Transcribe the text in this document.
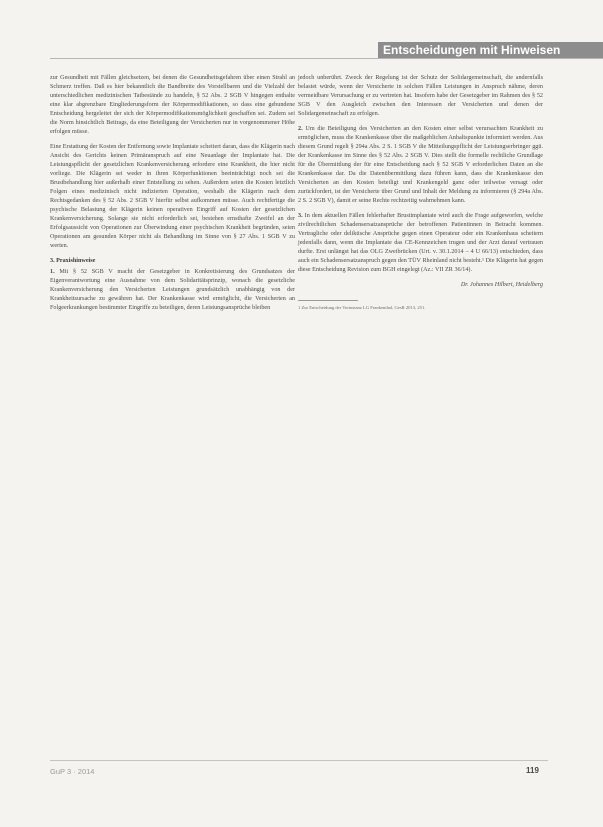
Entscheidungen mit Hinweisen

zur Gesundheit mit Fällen gleichsetzen, bei denen die Gesundheitsgefahren über einen Strahl an Schmerz treffen. Daß es hier bekanntlich die Bandbreite des Vorstellbaren und die Vielzahl der unterschiedlichen medizinischen Tatbestände zu handeln, § 52 Abs. 2 SGB V hingegen enthalte eine klar abgrenzbare Eingliederungsform der Körpermodifikationen, so dass eine gebundene Entscheidung hergeleitet der sich der Körpermodifikationsmöglichkeit geschaffen sei. Zudem sei die Norm hinsichtlich Beitrags, da eine Beteiligung der Versicherten nur in vorgenommener Höhe erfolgen müsse.

Eine Erstattung der Kosten der Entfernung sowie Implantate scheitert daran, dass die Klägerin nach Ansicht des Gerichts keinen Primäranspruch auf eine Neuanlage der Implantate hat. Die Leistungspflicht der gesetzlichen Krankenversicherung erfordere eine Krankheit, die hier nicht vorliege. Die Klägerin sei weder in ihren Körperfunktionen beeinträchtigt noch sei die Brustbehandlung hier außerhalb einer Entstellung zu sehen. Außerdem seien die Kosten letztlich Folgen eines medizinisch nicht indizierten Operation, weshalb die Klägerin nach dem Rechtsgedanken des § 52 Abs. 2 SGB V hierfür selbst aufkommen müsse. Auch rechtfertige die psychische Belastung der Klägerin keinen operativen Eingriff auf Kosten der gesetzlichen Krankenversicherung. Solange sie nicht erforderlich sei, bestehen ernsthafte Zweifel an der Erfolgsaussicht von Operationen zur Überwindung einer psychischen Krankheit begründen, seien Operationen am gesunden Körper nicht als Behandlung im Sinne von § 27 Abs. 1 SGB V zu werten.

3. Praxishinweise

1. Mit § 52 SGB V macht der Gesetzgeber in Konkretisierung des Grundsatzes der Eigenverantwortung eine Ausnahme von dem Solidaritätsprinzip, wonach die gesetzliche Krankenversicherung den Versicherten Leistungen grundsätzlich unabhängig von der Krankheitsursache zu gewähren hat. Der Krankenkasse wird ermöglicht, die Versicherten an Folgeerkrankungen bestimmter Eingriffe zu beteiligen, deren Leistungsansprüche bleiben

jedoch unberührt. Zweck der Regelung ist der Schutz der Solidargemeinschaft, die andernfalls belastet würde, wenn der Versicherte in solchen Fällen Leistungen in Anspruch nähme, deren vermeidbare Verursachung er zu vertreten hat. Insofern habe der Gesetzgeber im Rahmen des § 52 SGB V den Ausgleich zwischen den Interessen der Versicherten und denen der Solidargemeinschaft zu erfolgen.

2. Um die Beteiligung des Versicherten an den Kosten einer selbst verursachten Krankheit zu ermöglichen, muss die Krankenkasse über die maßgeblichen Anhaltspunkte informiert werden. Aus diesem Grund regelt § 294a Abs. 2 S. 1 SGB V die Mitteilungspflicht der Leistungserbringer ggü. der Krankenkasse im Sinne des § 52 Abs. 2 SGB V. Dies stellt die formelle rechtliche Grundlage für die Übermittlung der für eine Entscheidung nach § 52 SGB V erforderlichen Daten an die Krankenkasse dar. Da die Datenübermittlung dazu führen kann, dass die Krankenkasse den Versicherten an den Kosten beteiligt und Krankengeld ganz oder teilweise versagt oder zurückfordert, ist der Versicherte über Grund und Inhalt der Meldung zu informieren (§ 294a Abs. 2 S. 2 SGB V), damit er seine Rechte rechtzeitig wahrnehmen kann.

3. In dem aktuellen Fällen fehlerhafter Brustimplantate wird auch die Frage aufgeworfen, welche zivilrechtlichen Schadensersatzansprüche der betroffenen Patientinnen in Betracht kommen. Vertragliche oder deliktische Ansprüche gegen einen Operateur oder ein Krankenhaus scheitern jedenfalls dann, wenn die Implantate das CE-Kennzeichen trugen und der Arzt darauf vertrauen durfte. Erst unlängst hat das OLG Zweibrücken (Urt. v. 30.1.2014 – 4 U 66/13) entschieden, dass auch ein Schadensersatzanspruch gegen den TÜV Rheinland nicht besteht.¹ Die Klägerin hat gegen diese Entscheidung Revision zum BGH eingelegt (Az.: VII ZR 36/14).

Dr. Johannes Hilbert, Heidelberg

1 Zur Entscheidung der Vorinstanz LG Frankenthal, GesR 2013, 251.

GuP 3 · 2014	119
